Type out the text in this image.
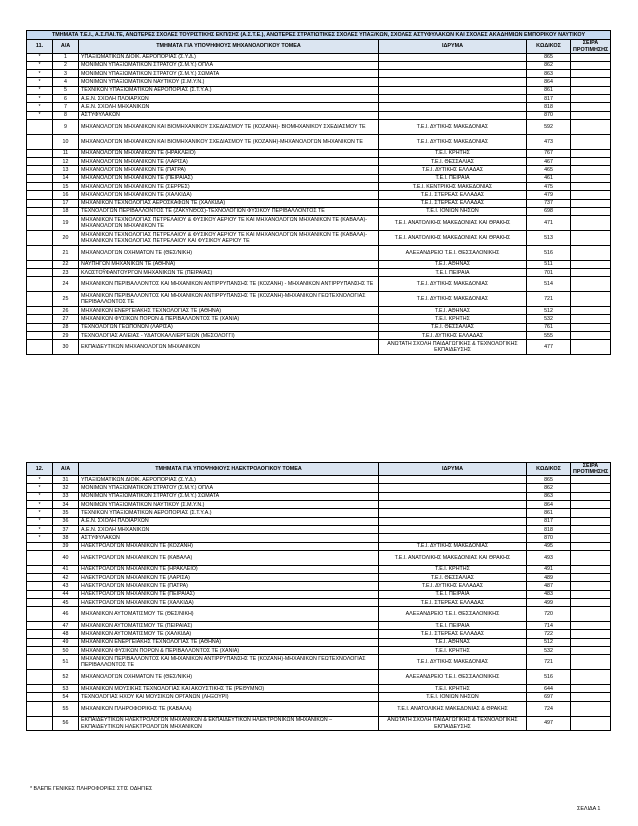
ΤΜΗΜΑΤΑ Τ.Ε.Ι., Α.Σ.ΠΑΙ.ΤΕ, ΑΝΩΤΕΡΕΣ ΣΧΟΛΕΣ ΤΟΥΡΙΣΤΙΚΗΣ ΕΚΠ/ΣΗΣ (Α.Σ.Τ.Ε.), ΑΝΩΤΕΡΕΣ ΣΤΡΑΤΙΩΤΙΚΕΣ ΣΧΟΛΕΣ ΥΠΑΞ/ΚΩΝ, ΣΧΟΛΕΣ ΑΣΤΥΦΥΛΑΚΩΝ ΚΑΙ ΣΧΟΛΕΣ ΑΚΑΔΗΜΙΩΝ ΕΜΠΟΡΙΚΟΥ ΝΑΥΤΙΚΟΥ					
11.	Α/Α	ΤΜΗΜΑΤΑ ΓΙΑ ΥΠΟΨΗΦΙΟΥΣ ΜΗΧΑΝΟΛΟΓΙΚΟΥ ΤΟΜΕΑ	ΙΔΡΥΜΑ	ΚΩΔΙΚΟΣ	ΣΕΙΡΑ ΠΡΟΤΙΜΗΣΗΣ
*	1	ΥΠΑΞΙΩΜΑΤΙΚΩΝ ΔΙΟΙΚ. ΑΕΡΟΠΟΡΙΑΣ (Σ.Υ.Δ.)		865	
*	2	ΜΟΝΙΜΩΝ ΥΠΑΞΙΩΜΑΤΙΚΩΝ ΣΤΡΑΤΟΥ (Σ.Μ.Υ.) ΟΠΛΑ		862	
*	3	ΜΟΝΙΜΩΝ ΥΠΑΞΙΩΜΑΤΙΚΩΝ ΣΤΡΑΤΟΥ (Σ.Μ.Υ.) ΣΩΜΑΤΑ		863	
*	4	ΜΟΝΙΜΩΝ ΥΠΑΞΙΩΜΑΤΙΚΩΝ ΝΑΥΤΙΚΟΥ (Σ.Μ.Υ.Ν.)		864	
*	5	ΤΕΧΝΙΚΩΝ ΥΠΑΞΙΩΜΑΤΙΚΩΝ ΑΕΡΟΠΟΡΙΑΣ (Σ.Τ.Υ.Α.)		861	
*	6	Α.Ε.Ν. ΣΧΟΛΗ ΠΛΟΙΑΡΧΩΝ		817	
*	7	Α.Ε.Ν. ΣΧΟΛΗ ΜΗΧΑΝΙΚΩΝ		818	
*	8	ΑΣΤΥΦΥΛΑΚΩΝ		870	
	9	ΜΗΧΑΝΟΛΟΓΩΝ ΜΗΧΑΝΙΚΩΝ ΚΑΙ ΒΙΟΜΗΧΑΝΙΚΟΥ ΣΧΕΔΙΑΣΜΟΥ ΤΕ (ΚΟΖΑΝΗ)- ΒΙΟΜΗΧΑΝΙΚΟΥ ΣΧΕΔΙΑΣΜΟΥ ΤΕ	Τ.Ε.Ι. ΔΥΤΙΚΗΣ ΜΑΚΕΔΟΝΙΑΣ	592	
	10	ΜΗΧΑΝΟΛΟΓΩΝ ΜΗΧΑΝΙΚΩΝ ΚΑΙ ΒΙΟΜΗΧΑΝΙΚΟΥ ΣΧΕΔΙΑΣΜΟΥ ΤΕ (ΚΟΖΑΝΗ)-ΜΗΧΑΝΟΛΟΓΩΝ ΜΗΧΑΝΙΚΩΝ ΤΕ	Τ.Ε.Ι. ΔΥΤΙΚΗΣ ΜΑΚΕΔΟΝΙΑΣ	473	
	11	ΜΗΧΑΝΟΛΟΓΩΝ ΜΗΧΑΝΙΚΩΝ ΤΕ (ΗΡΑΚΛΕΙΟ)	Τ.Ε.Ι. ΚΡΗΤΗΣ	767	
	12	ΜΗΧΑΝΟΛΟΓΩΝ ΜΗΧΑΝΙΚΩΝ ΤΕ (ΛΑΡΙΣΑ)	Τ.Ε.Ι. ΘΕΣΣΑΛΙΑΣ	467	
	13	ΜΗΧΑΝΟΛΟΓΩΝ ΜΗΧΑΝΙΚΩΝ ΤΕ (ΠΑΤΡΑ)	Τ.Ε.Ι. ΔΥΤΙΚΗΣ ΕΛΛΑΔΑΣ	465	
	14	ΜΗΧΑΝΟΛΟΓΩΝ ΜΗΧΑΝΙΚΩΝ ΤΕ (ΠΕΙΡΑΙΑΣ)	Τ.Ε.Ι. ΠΕΙΡΑΙΑ	461	
	15	ΜΗΧΑΝΟΛΟΓΩΝ ΜΗΧΑΝΙΚΩΝ ΤΕ (ΣΕΡΡΕΣ)	Τ.Ε.Ι. ΚΕΝΤΡΙΚΗΣ ΜΑΚΕΔΟΝΙΑΣ	475	
	16	ΜΗΧΑΝΟΛΟΓΩΝ ΜΗΧΑΝΙΚΩΝ ΤΕ (ΧΑΛΚΙΔΑ)	Τ.Ε.Ι. ΣΤΕΡΕΑΣ ΕΛΛΑΔΑΣ	479	
	17	ΜΗΧΑΝΙΚΩΝ ΤΕΧΝΟΛΟΓΙΑΣ ΑΕΡΟΣΚΑΦΩΝ ΤΕ (ΧΑΛΚΙΔΑ)	Τ.Ε.Ι. ΣΤΕΡΕΑΣ ΕΛΛΑΔΑΣ	737	
	18	ΤΕΧΝΟΛΟΓΩΝ ΠΕΡΙΒΑΛΛΟΝΤΟΣ ΤΕ (ΖΑΚΥΝΘΟΣ)-ΤΕΧΝΟΛΟΓΙΩΝ ΦΥΣΙΚΟΥ ΠΕΡΙΒΑΛΛΟΝΤΟΣ ΤΕ	Τ.Ε.Ι. ΙΟΝΙΩΝ ΝΗΣΩΝ	698	
	19	ΜΗΧΑΝΙΚΩΝ ΤΕΧΝΟΛΟΓΙΑΣ ΠΕΤΡΕΛΑΙΟΥ & ΦΥΣΙΚΟΥ ΑΕΡΙΟΥ ΤΕ ΚΑΙ ΜΗΧΑΝΟΛΟΓΩΝ ΜΗΧΑΝΙΚΩΝ ΤΕ (ΚΑΒΑΛΑ)-ΜΗΧΑΝΟΛΟΓΩΝ ΜΗΧΑΝΙΚΩΝ ΤΕ	Τ.Ε.Ι. ΑΝΑΤΟΛΙΚΗΣ ΜΑΚΕΔΟΝΙΑΣ ΚΑΙ ΘΡΑΚΗΣ	471	
	20	ΜΗΧΑΝΙΚΩΝ ΤΕΧΝΟΛΟΓΙΑΣ ΠΕΤΡΕΛΑΙΟΥ & ΦΥΣΙΚΟΥ ΑΕΡΙΟΥ ΤΕ ΚΑΙ ΜΗΧΑΝΟΛΟΓΩΝ ΜΗΧΑΝΙΚΩΝ ΤΕ (ΚΑΒΑΛΑ)-ΜΗΧΑΝΙΚΩΝ ΤΕΧΝΟΛΟΓΙΑΣ ΠΕΤΡΕΛΑΙΟΥ ΚΑΙ ΦΥΣΙΚΟΥ ΑΕΡΙΟΥ ΤΕ	Τ.Ε.Ι. ΑΝΑΤΟΛΙΚΗΣ ΜΑΚΕΔΟΝΙΑΣ ΚΑΙ ΘΡΑΚΗΣ	513	
	21	ΜΗΧΑΝΟΛΟΓΩΝ ΟΧΗΜΑΤΩΝ ΤΕ (ΘΕΣ/ΝΙΚΗ)	ΑΛΕΞΑΝΔΡΕΙΟ Τ.Ε.Ι. ΘΕΣΣΑΛΟΝΙΚΗΣ	516	
	22	ΝΑΥΠΗΓΩΝ ΜΗΧΑΝΙΚΩΝ ΤΕ (ΑΘΗΝΑ)	Τ.Ε.Ι. ΑΘΗΝΑΣ	511	
	23	ΚΛΩΣΤΟΫΦΑΝΤΟΥΡΓΩΝ ΜΗΧΑΝΙΚΩΝ ΤΕ (ΠΕΙΡΑΙΑΣ)	Τ.Ε.Ι. ΠΕΙΡΑΙΑ	701	
	24	ΜΗΧΑΝΙΚΩΝ ΠΕΡΙΒΑΛΛΟΝΤΟΣ ΚΑΙ ΜΗΧΑΝΙΚΩΝ ΑΝΤΙΡΡΥΠΑΝΣΗΣ ΤΕ (ΚΟΖΑΝΗ) - ΜΗΧΑΝΙΚΩΝ ΑΝΤΙΡΡΥΠΑΝΣΗΣ ΤΕ	Τ.Ε.Ι. ΔΥΤΙΚΗΣ ΜΑΚΕΔΟΝΙΑΣ	514	
	25	ΜΗΧΑΝΙΚΩΝ ΠΕΡΙΒΑΛΛΟΝΤΟΣ ΚΑΙ ΜΗΧΑΝΙΚΩΝ ΑΝΤΙΡΡΥΠΑΝΣΗΣ ΤΕ (ΚΟΖΑΝΗ)-ΜΗΧΑΝΙΚΩΝ ΓΕΩΤΕΧΝΟΛΟΓΙΑΣ ΠΕΡΙΒΑΛΛΟΝΤΟΣ ΤΕ	Τ.Ε.Ι. ΔΥΤΙΚΗΣ ΜΑΚΕΔΟΝΙΑΣ	721	
	26	ΜΗΧΑΝΙΚΩΝ ΕΝΕΡΓΕΙΑΚΗΣ ΤΕΧΝΟΛΟΓΙΑΣ ΤΕ (ΑΘΗΝΑ)	Τ.Ε.Ι. ΑΘΗΝΑΣ	512	
	27	ΜΗΧΑΝΙΚΩΝ ΦΥΣΙΚΩΝ ΠΟΡΩΝ & ΠΕΡΙΒΑΛΛΟΝΤΟΣ ΤΕ (ΧΑΝΙΑ)	Τ.Ε.Ι. ΚΡΗΤΗΣ	532	
	28	ΤΕΧΝΟΛΟΓΩΝ ΓΕΩΠΟΝΩΝ (ΛΑΡΙΣΑ)	Τ.Ε.Ι. ΘΕΣΣΑΛΙΑΣ	761	
	29	ΤΕΧΝΟΛΟΓΙΑΣ ΑΛΙΕΙΑΣ - ΥΔΑΤΟΚΑΛΛΙΕΡΓΕΙΩΝ (ΜΕΣΟΛΟΓΓΙ)	Τ.Ε.Ι. ΔΥΤΙΚΗΣ ΕΛΛΑΔΑΣ	555	
	30	ΕΚΠΑΙΔΕΥΤΙΚΩΝ ΜΗΧΑΝΟΛΟΓΩΝ ΜΗΧΑΝΙΚΩΝ	ΑΝΩΤΑΤΗ ΣΧΟΛΗ ΠΑΙΔΑΓΩΓΙΚΗΣ & ΤΕΧΝΟΛΟΓΙΚΗΣ ΕΚΠΑΙΔΕΥΣΗΣ	477	
12.	Α/Α	ΤΜΗΜΑΤΑ ΓΙΑ ΥΠΟΨΗΦΙΟΥΣ ΗΛΕΚΤΡΟΛΟΓΙΚΟΥ ΤΟΜΕΑ	ΙΔΡΥΜΑ	ΚΩΔΙΚΟΣ	ΣΕΙΡΑ ΠΡΟΤΙΜΗΣΗΣ
*	31	ΥΠΑΞΙΩΜΑΤΙΚΩΝ ΔΙΟΙΚ. ΑΕΡΟΠΟΡΙΑΣ (Σ.Υ.Δ.)		865	
*	32	ΜΟΝΙΜΩΝ ΥΠΑΞΙΩΜΑΤΙΚΩΝ ΣΤΡΑΤΟΥ (Σ.Μ.Υ.) ΟΠΛΑ		862	
*	33	ΜΟΝΙΜΩΝ ΥΠΑΞΙΩΜΑΤΙΚΩΝ ΣΤΡΑΤΟΥ (Σ.Μ.Υ.) ΣΩΜΑΤΑ		863	
*	34	ΜΟΝΙΜΩΝ ΥΠΑΞΙΩΜΑΤΙΚΩΝ ΝΑΥΤΙΚΟΥ (Σ.Μ.Υ.Ν.)		864	
*	35	ΤΕΧΝΙΚΩΝ ΥΠΑΞΙΩΜΑΤΙΚΩΝ ΑΕΡΟΠΟΡΙΑΣ (Σ.Τ.Υ.Α.)		861	
*	36	Α.Ε.Ν. ΣΧΟΛΗ ΠΛΟΙΑΡΧΩΝ		817	
*	37	Α.Ε.Ν. ΣΧΟΛΗ ΜΗΧΑΝΙΚΩΝ		818	
*	38	ΑΣΤΥΦΥΛΑΚΩΝ		870	
	39	ΗΛΕΚΤΡΟΛΟΓΩΝ ΜΗΧΑΝΙΚΩΝ ΤΕ (ΚΟΖΑΝΗ)	Τ.Ε.Ι. ΔΥΤΙΚΗΣ ΜΑΚΕΔΟΝΙΑΣ	495	
	40	ΗΛΕΚΤΡΟΛΟΓΩΝ ΜΗΧΑΝΙΚΩΝ ΤΕ (ΚΑΒΑΛΑ)	Τ.Ε.Ι. ΑΝΑΤΟΛΙΚΗΣ ΜΑΚΕΔΟΝΙΑΣ ΚΑΙ ΘΡΑΚΗΣ	493	
	41	ΗΛΕΚΤΡΟΛΟΓΩΝ ΜΗΧΑΝΙΚΩΝ ΤΕ (ΗΡΑΚΛΕΙΟ)	Τ.Ε.Ι. ΚΡΗΤΗΣ	491	
	42	ΗΛΕΚΤΡΟΛΟΓΩΝ ΜΗΧΑΝΙΚΩΝ ΤΕ (ΛΑΡΙΣΑ)	Τ.Ε.Ι. ΘΕΣΣΑΛΙΑΣ	489	
	43	ΗΛΕΚΤΡΟΛΟΓΩΝ ΜΗΧΑΝΙΚΩΝ ΤΕ (ΠΑΤΡΑ)	Τ.Ε.Ι. ΔΥΤΙΚΗΣ ΕΛΛΑΔΑΣ	487	
	44	ΗΛΕΚΤΡΟΛΟΓΩΝ ΜΗΧΑΝΙΚΩΝ ΤΕ (ΠΕΙΡΑΙΑΣ)	Τ.Ε.Ι. ΠΕΙΡΑΙΑ	483	
	45	ΗΛΕΚΤΡΟΛΟΓΩΝ ΜΗΧΑΝΙΚΩΝ ΤΕ (ΧΑΛΚΙΔΑ)	Τ.Ε.Ι. ΣΤΕΡΕΑΣ ΕΛΛΑΔΑΣ	499	
	46	ΜΗΧΑΝΙΚΩΝ ΑΥΤΟΜΑΤΙΣΜΟΥ ΤΕ (ΘΕΣ/ΝΙΚΗ)	ΑΛΕΞΑΝΔΡΕΙΟ Τ.Ε.Ι. ΘΕΣΣΑΛΟΝΙΚΗΣ	720	
	47	ΜΗΧΑΝΙΚΩΝ ΑΥΤΟΜΑΤΙΣΜΟΥ ΤΕ (ΠΕΙΡΑΙΑΣ)	Τ.Ε.Ι. ΠΕΙΡΑΙΑ	714	
	48	ΜΗΧΑΝΙΚΩΝ ΑΥΤΟΜΑΤΙΣΜΟΥ ΤΕ (ΧΑΛΚΙΔΑ)	Τ.Ε.Ι. ΣΤΕΡΕΑΣ ΕΛΛΑΔΑΣ	722	
	49	ΜΗΧΑΝΙΚΩΝ ΕΝΕΡΓΕΙΑΚΗΣ ΤΕΧΝΟΛΟΓΙΑΣ ΤΕ (ΑΘΗΝΑ)	Τ.Ε.Ι. ΑΘΗΝΑΣ	512	
	50	ΜΗΧΑΝΙΚΩΝ ΦΥΣΙΚΩΝ ΠΟΡΩΝ & ΠΕΡΙΒΑΛΛΟΝΤΟΣ ΤΕ (ΧΑΝΙΑ)	Τ.Ε.Ι. ΚΡΗΤΗΣ	532	
	51	ΜΗΧΑΝΙΚΩΝ ΠΕΡΙΒΑΛΛΟΝΤΟΣ ΚΑΙ ΜΗΧΑΝΙΚΩΝ ΑΝΤΙΡΡΥΠΑΝΣΗΣ ΤΕ (ΚΟΖΑΝΗ)-ΜΗΧΑΝΙΚΩΝ ΓΕΩΤΕΧΝΟΛΟΓΙΑΣ ΠΕΡΙΒΑΛΛΟΝΤΟΣ ΤΕ	Τ.Ε.Ι. ΔΥΤΙΚΗΣ ΜΑΚΕΔΟΝΙΑΣ	721	
	52	ΜΗΧΑΝΟΛΟΓΩΝ ΟΧΗΜΑΤΩΝ ΤΕ (ΘΕΣ/ΝΙΚΗ)	ΑΛΕΞΑΝΔΡΕΙΟ Τ.Ε.Ι. ΘΕΣΣΑΛΟΝΙΚΗΣ	516	
	53	ΜΗΧΑΝΙΚΩΝ ΜΟΥΣΙΚΗΣ ΤΕΧΝΟΛΟΓΙΑΣ ΚΑΙ ΑΚΟΥΣΤΙΚΗΣ ΤΕ (ΡΕΘΥΜΝΟ)	Τ.Ε.Ι. ΚΡΗΤΗΣ	644	
	54	ΤΕΧΝΟΛΟΓΙΑΣ ΗΧΟΥ ΚΑΙ ΜΟΥΣΙΚΩΝ ΟΡΓΑΝΩΝ (ΛΗΞΟΥΡΙ)	Τ.Ε.Ι. ΙΟΝΙΩΝ ΝΗΣΩΝ	697	
	55	ΜΗΧΑΝΙΚΩΝ ΠΛΗΡΟΦΟΡΙΚΗΣ ΤΕ (ΚΑΒΑΛΑ)	Τ.Ε.Ι. ΑΝΑΤΟΛΙΚΗΣ ΜΑΚΕΔΟΝΙΑΣ & ΘΡΑΚΗΣ	724	
	56	ΕΚΠΑΙΔΕΥΤΙΚΩΝ ΗΛΕΚΤΡΟΛΟΓΩΝ ΜΗΧΑΝΙΚΩΝ & ΕΚΠΑΙΔΕΥΤΙΚΩΝ ΗΛΕΚΤΡΟΝΙΚΩΝ ΜΗΧΑΝΙΚΩΝ – ΕΚΠΑΙΔΕΥΤΙΚΩΝ ΗΛΕΚΤΡΟΛΟΓΩΝ ΜΗΧΑΝΙΚΩΝ	ΑΝΩΤΑΤΗ ΣΧΟΛΗ ΠΑΙΔΑΓΩΓΙΚΗΣ & ΤΕΧΝΟΛΟΓΙΚΗΣ ΕΚΠΑΙΔΕΥΣΗΣ	497	
* ΒΛΕΠΕ ΓΕΝΙΚΕΣ ΠΛΗΡΟΦΟΡΙΕΣ ΣΤΙΣ ΟΔΗΓΙΕΣ
ΣΕΛΙΔΑ 1
